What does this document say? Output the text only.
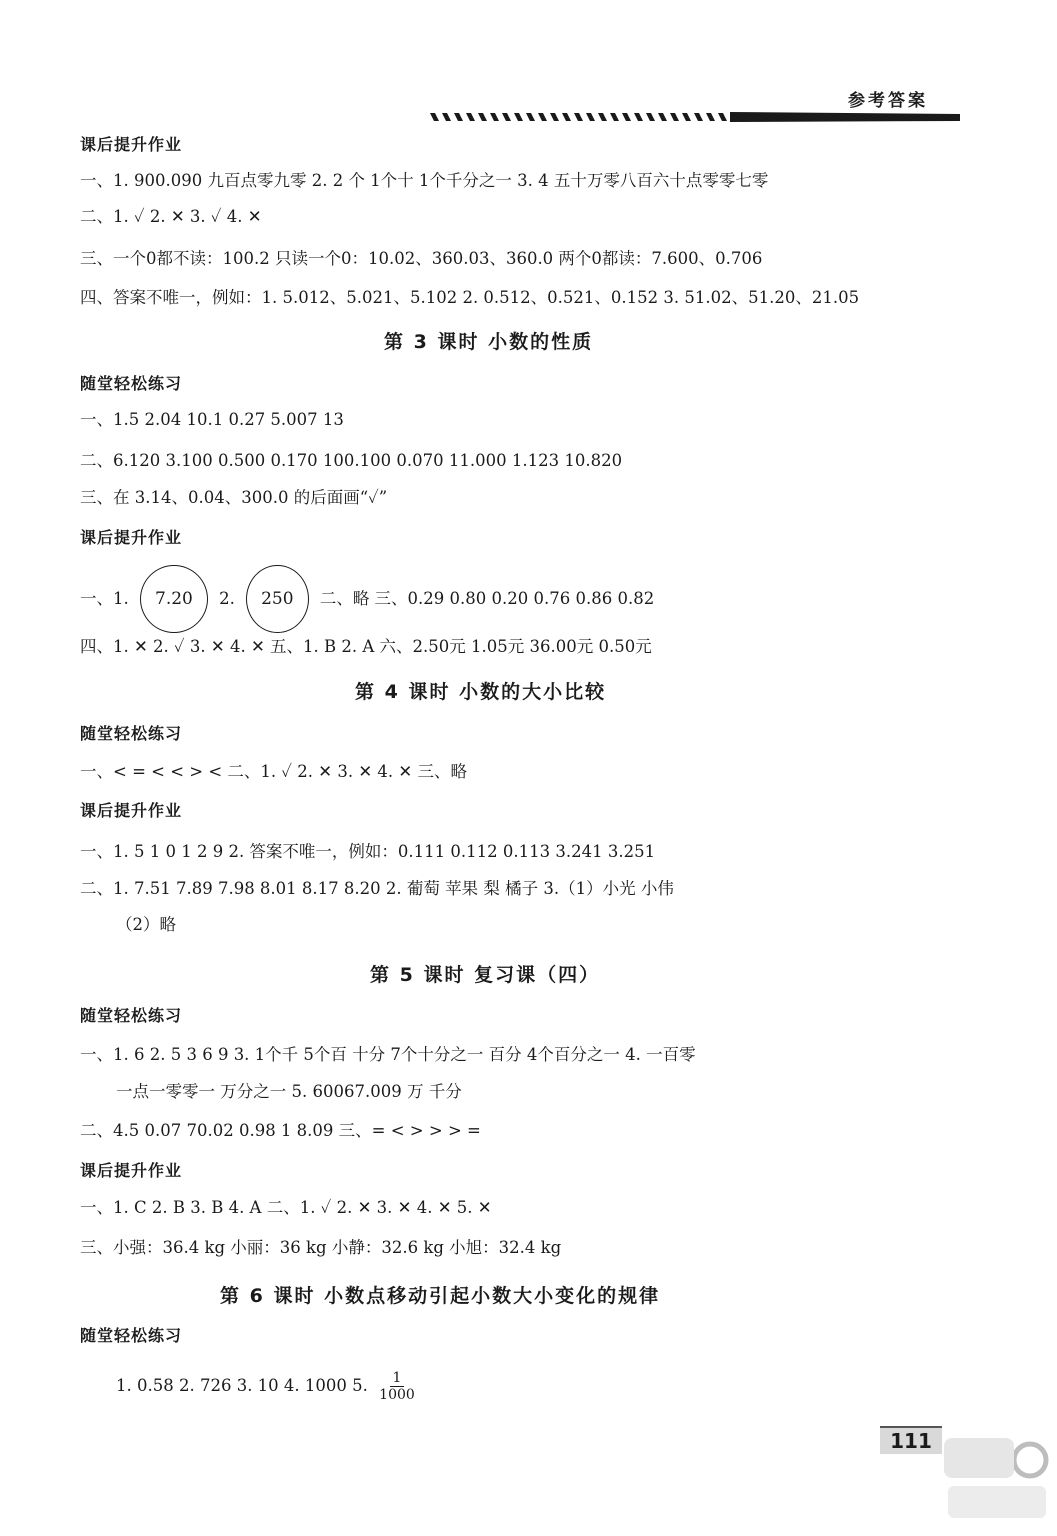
参考答案
课后提升作业
一、1. 900.090 九百点零九零 2. 2 个 1个十 1个千分之一 3. 4 五十万零八百六十点零零七零
二、1. ✓ 2. ✕ 3. ✓ 4. ✕
三、一个0都不读：100.2 只读一个0：10.02、360.03、360.0 两个0都读：7.600、0.706
四、答案不唯一，例如：1. 5.012、5.021、5.102 2. 0.512、0.521、0.152 3. 51.02、51.20、21.05
第 3 课时 小数的性质
随堂轻松练习
一、1.5 2.04 10.1 0.27 5.007 13
二、6.120 3.100 0.500 0.170 100.100 0.070 11.000 1.123 10.820
三、在 3.14、0.04、300.0 的后面画“✓”
课后提升作业
一、1. 7.20 2. 250 二、略 三、0.29 0.80 0.20 0.76 0.86 0.82
四、1. ✕ 2. ✓ 3. ✕ 4. ✕ 五、1. B 2. A 六、2.50元 1.05元 36.00元 0.50元
第 4 课时 小数的大小比较
随堂轻松练习
一、< = < < > < 二、1. ✓ 2. ✕ 3. ✕ 4. ✕ 三、略
课后提升作业
一、1. 5 1 0 1 2 9 2. 答案不唯一，例如：0.111 0.112 0.113 3.241 3.251
二、1. 7.51 7.89 7.98 8.01 8.17 8.20 2. 葡萄 苹果 梨 橘子 3.（1）小光 小伟
（2）略
第 5 课时 复习课（四）
随堂轻松练习
一、1. 6 2. 5 3 6 9 3. 1个千 5个百 十分 7个十分之一 百分 4个百分之一 4. 一百零
一点一零零一 万分之一 5. 60067.009 万 千分
二、4.5 0.07 70.02 0.98 1 8.09 三、= < > > > =
课后提升作业
一、1. C 2. B 3. B 4. A 二、1. ✓ 2. ✕ 3. ✕ 4. ✕ 5. ✕
三、小强：36.4 kg 小丽：36 kg 小静：32.6 kg 小旭：32.4 kg
第 6 课时 小数点移动引起小数大小变化的规律
随堂轻松练习
1. 0.58 2. 726 3. 10 4. 1000 5. $\frac{1}{1000}$
111
